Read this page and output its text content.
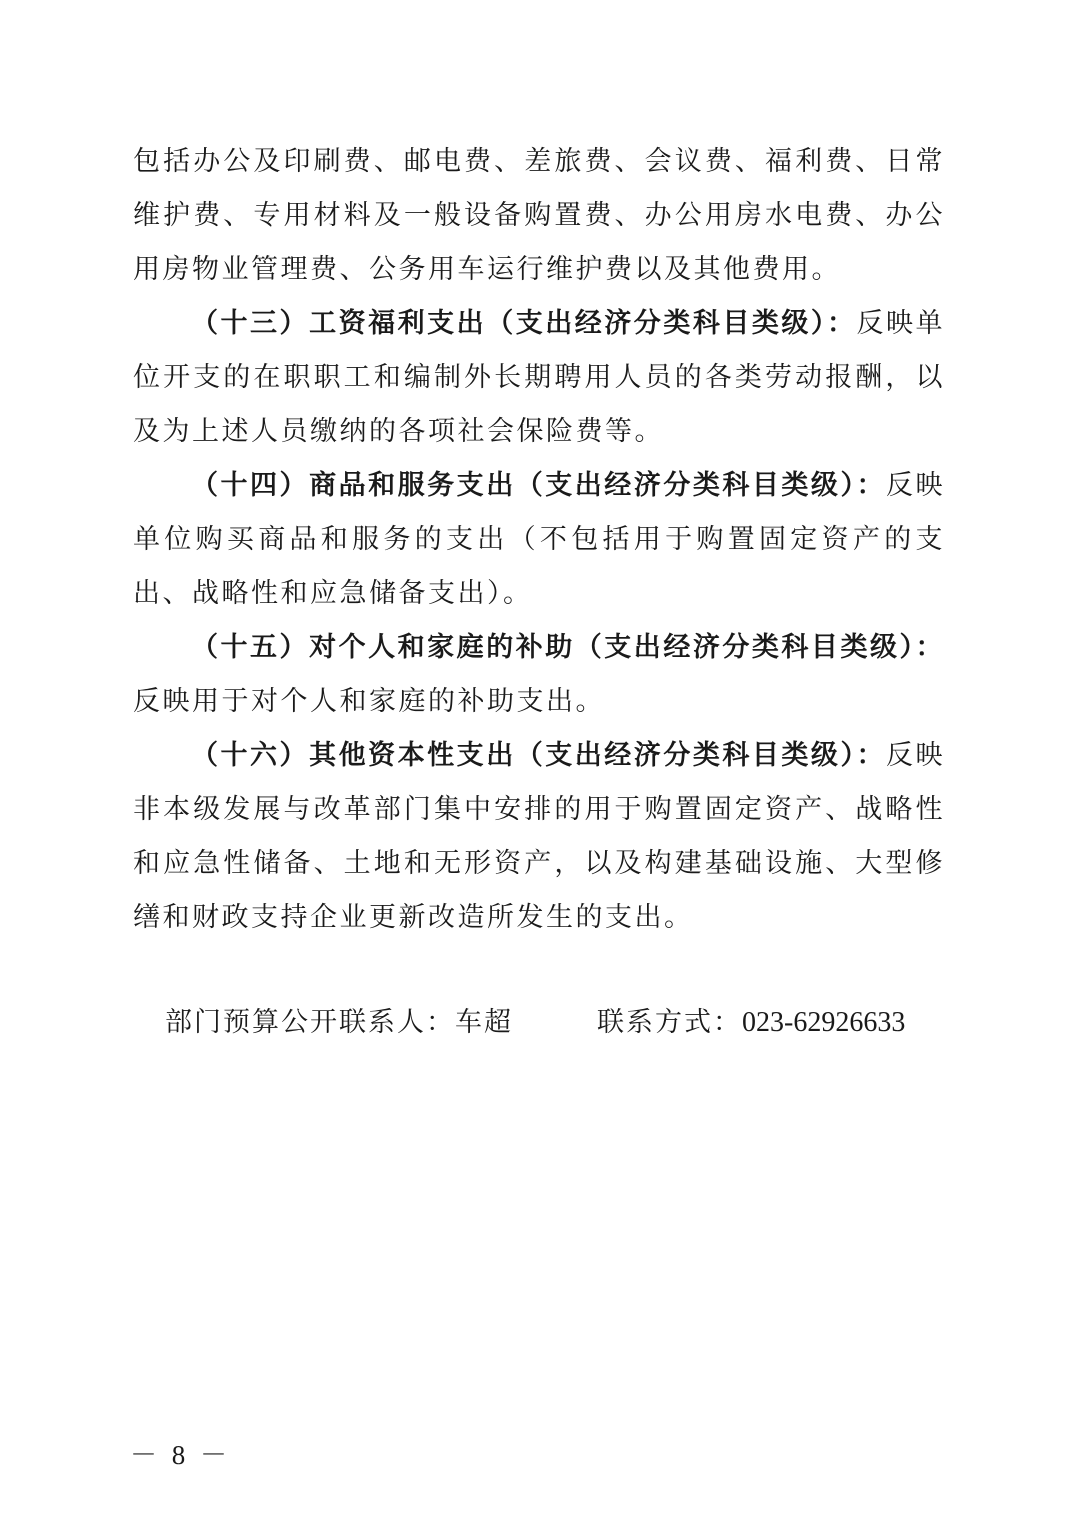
包括办公及印刷费、邮电费、差旅费、会议费、福利费、日常维护费、专用材料及一般设备购置费、办公用房水电费、办公用房物业管理费、公务用车运行维护费以及其他费用。

（十三）工资福利支出（支出经济分类科目类级）：反映单位开支的在职职工和编制外长期聘用人员的各类劳动报酬，以及为上述人员缴纳的各项社会保险费等。

（十四）商品和服务支出（支出经济分类科目类级）：反映单位购买商品和服务的支出（不包括用于购置固定资产的支出、战略性和应急储备支出）。

（十五）对个人和家庭的补助（支出经济分类科目类级）：反映用于对个人和家庭的补助支出。

（十六）其他资本性支出（支出经济分类科目类级）：反映非本级发展与改革部门集中安排的用于购置固定资产、战略性和应急性储备、土地和无形资产，以及构建基础设施、大型修缮和财政支持企业更新改造所发生的支出。

部门预算公开联系人：车超	联系方式：023-62926633
－ 8 －
